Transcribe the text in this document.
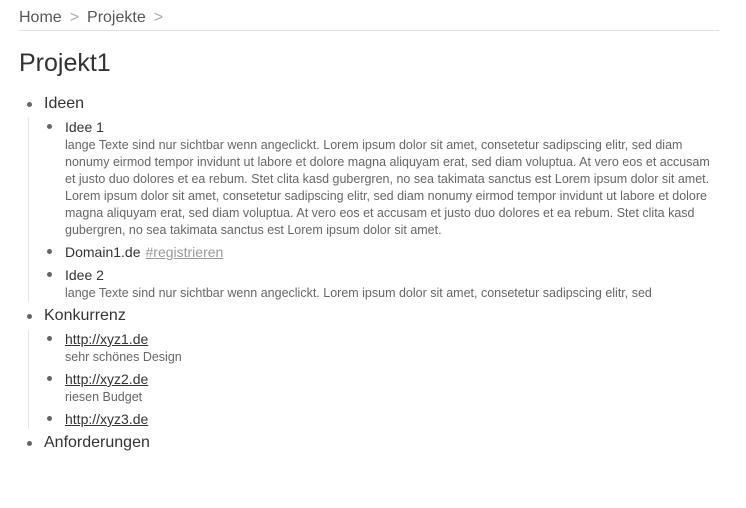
Home > Projekte >
Projekt1
Ideen
Idee 1
lange Texte sind nur sichtbar wenn angeclickt. Lorem ipsum dolor sit amet, consetetur sadipscing elitr, sed diam nonumy eirmod tempor invidunt ut labore et dolore magna aliquyam erat, sed diam voluptua. At vero eos et accusam et justo duo dolores et ea rebum. Stet clita kasd gubergren, no sea takimata sanctus est Lorem ipsum dolor sit amet. Lorem ipsum dolor sit amet, consetetur sadipscing elitr, sed diam nonumy eirmod tempor invidunt ut labore et dolore magna aliquyam erat, sed diam voluptua. At vero eos et accusam et justo duo dolores et ea rebum. Stet clita kasd gubergren, no sea takimata sanctus est Lorem ipsum dolor sit amet.
Domain1.de #registrieren
Idee 2
lange Texte sind nur sichtbar wenn angeclickt. Lorem ipsum dolor sit amet, consetetur sadipscing elitr, sed
Konkurrenz
http://xyz1.de
sehr schönes Design
http://xyz2.de
riesen Budget
http://xyz3.de
Anforderungen
